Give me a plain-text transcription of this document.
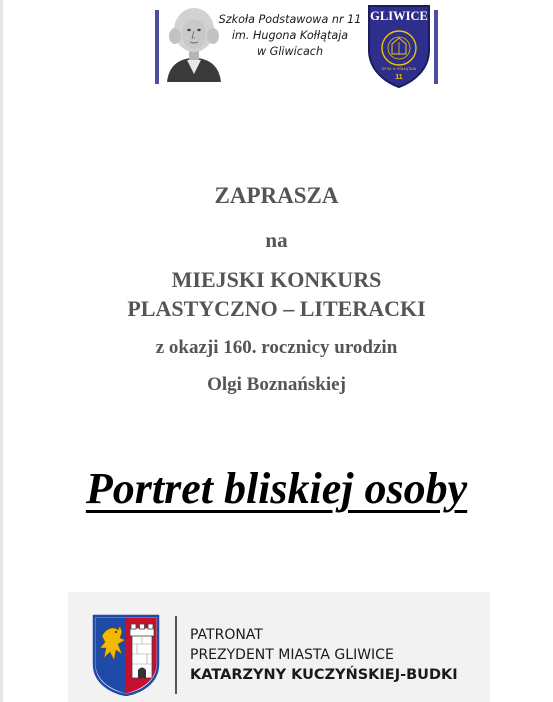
Szkoła Podstawowa nr 11
im. Hugona Kołłątaja
w Gliwicach
GLIWICE
SP IM. H. KOŁŁĄTAJA
11
ZAPRASZA
na
MIEJSKI KONKURS
PLASTYCZNO – LITERACKI
z okazji 160. rocznicy urodzin
Olgi Boznańskiej
Portret bliskiej osoby
PATRONAT
PREZYDENT MIASTA GLIWICE
KATARZYNY KUCZYŃSKIEJ-BUDKI
